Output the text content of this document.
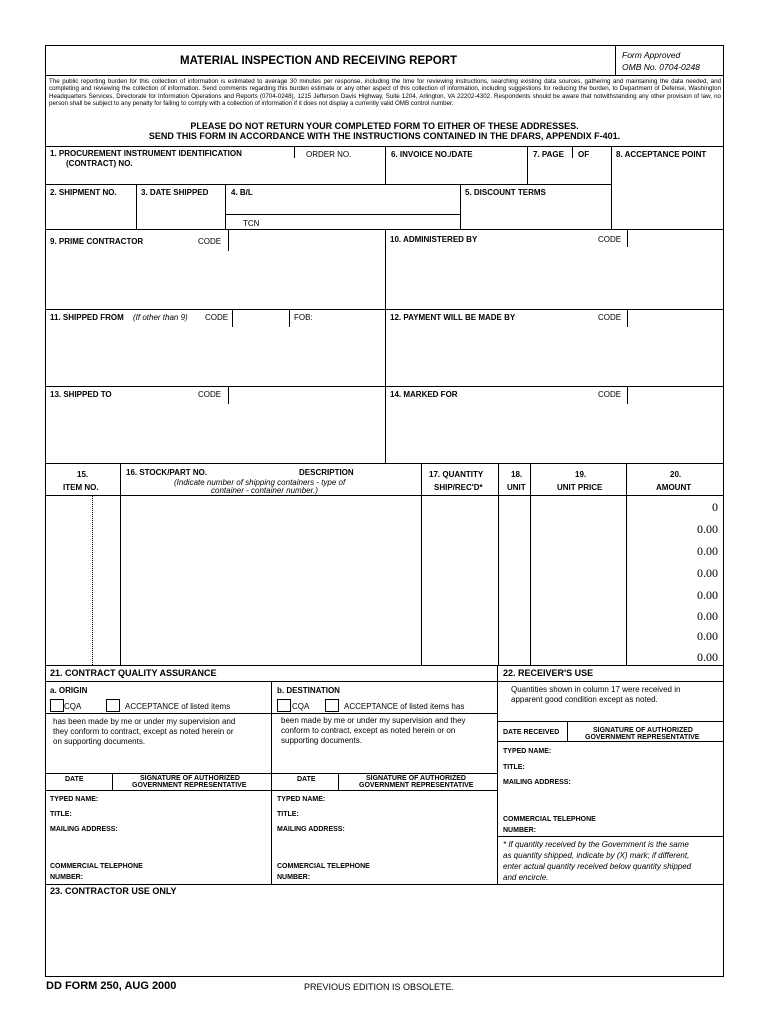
MATERIAL INSPECTION AND RECEIVING REPORT	Form Approved
OMB No. 0704-0248
The public reporting burden for this collection of information is estimated to average 30 minutes per response, including the time for reviewing instructions, searching existing data sources, gathering and maintaining the data needed, and completing and reviewing the collection of information. Send comments regarding this burden estimate or any other aspect of this collection of information, including suggestions for reducing the burden, to Department of Defense, Washington Headquarters Services, Directorate for Information Operations and Reports (0704-0248), 1215 Jefferson Davis Highway, Suite 1204, Arlington, VA 22202-4302. Respondents should be aware that notwithstanding any other provision of law, no person shall be subject to any penalty for failing to comply with a collection of information if it does not display a currently valid OMB control number.
PLEASE DO NOT RETURN YOUR COMPLETED FORM TO EITHER OF THESE ADDRESSES.
SEND THIS FORM IN ACCORDANCE WITH THE INSTRUCTIONS CONTAINED IN THE DFARS, APPENDIX F-401.
1. PROCUREMENT INSTRUMENT IDENTIFICATION
(CONTRACT) NO.
ORDER NO.	6. INVOICE NO./DATE	7. PAGE OF	8. ACCEPTANCE POINT
2. SHIPMENT NO.	3. DATE SHIPPED	4. B/L	5. DISCOUNT TERMS
TCN
9. PRIME CONTRACTOR	CODE	10. ADMINISTERED BY	CODE
11. SHIPPED FROM (If other than 9) CODE	FOB:	12. PAYMENT WILL BE MADE BY	CODE
13. SHIPPED TO	CODE	14. MARKED FOR	CODE
15.
ITEM NO.
16. STOCK/PART NO.	DESCRIPTION
(Indicate number of shipping containers - type of
container - container number.)
17. QUANTITY
SHIP/REC'D*
18.
UNIT
19.
UNIT PRICE
20.
AMOUNT
0
0.00
0.00
0.00
0.00
0.00
0.00
0.00
21. CONTRACT QUALITY ASSURANCE
a. ORIGIN
CQA	ACCEPTANCE of listed items
has been made by me or under my supervision and
they conform to contract, except as noted herein or
on supporting documents.
b. DESTINATION
CQA	ACCEPTANCE of listed items has
been made by me or under my supervision and they
conform to contract, except as noted herein or on
supporting documents.
DATE	SIGNATURE OF AUTHORIZED
GOVERNMENT REPRESENTATIVE
DATE	SIGNATURE OF AUTHORIZED
GOVERNMENT REPRESENTATIVE
TYPED NAME:
TITLE:
MAILING ADDRESS:
COMMERCIAL TELEPHONE
NUMBER:
TYPED NAME:
TITLE:
MAILING ADDRESS:
COMMERCIAL TELEPHONE
NUMBER:
22. RECEIVER'S USE
Quantities shown in column 17 were received in
apparent good condition except as noted.
DATE RECEIVED	SIGNATURE OF AUTHORIZED
GOVERNMENT REPRESENTATIVE
TYPED NAME:
TITLE:
MAILING ADDRESS:
COMMERCIAL TELEPHONE
NUMBER:
* If quantity received by the Government is the same
as quantity shipped, indicate by (X) mark; if different,
enter actual quantity received below quantity shipped
and encircle.
23. CONTRACTOR USE ONLY
DD FORM 250, AUG 2000	PREVIOUS EDITION IS OBSOLETE.
